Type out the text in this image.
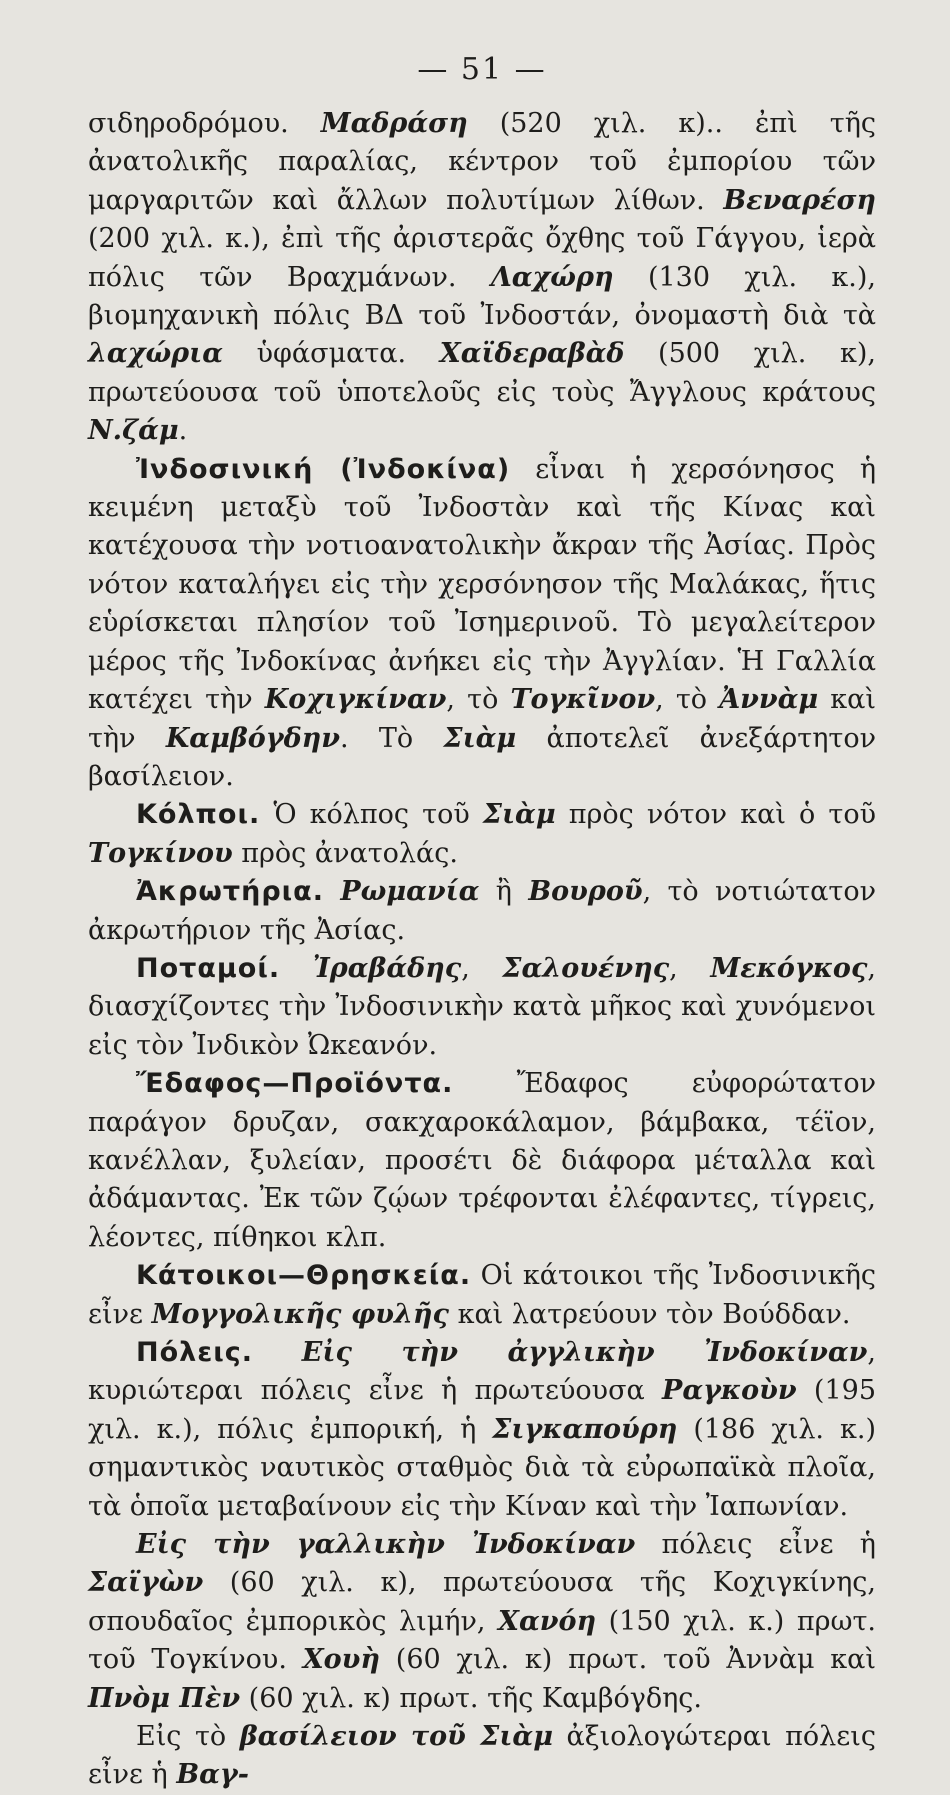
— 51 —

σιδηροδρόμου. Μαδράση (520 χιλ. κ).. ἐπὶ τῆς ἀνατολικῆς παραλίας, κέντρον τοῦ ἐμπορίου τῶν μαργαριτῶν καὶ ἄλλων πολυτίμων λίθων. Βεναρέση (200 χιλ. κ.), ἐπὶ τῆς ἀριστερᾶς ὄχθης τοῦ Γάγγου, ἱερὰ πόλις τῶν Βραχμάνων. Λαχώρη (130 χιλ. κ.), βιομηχανικὴ πόλις ΒΔ τοῦ Ἰνδοστάν, ὀνομαστὴ διὰ τὰ λαχώρια ὑφάσματα. Χαϊδεραβὰδ (500 χιλ. κ), πρωτεύουσα τοῦ ὑποτελοῦς εἰς τοὺς Ἄγγλους κράτους Ν.ζάμ.

Ἰνδοσινική (Ἰνδοκίνα) εἶναι ἡ χερσόνησος ἡ κειμένη μεταξὺ τοῦ Ἰνδοστὰν καὶ τῆς Κίνας καὶ κατέχουσα τὴν νοτιοανατολικὴν ἄκραν τῆς Ἀσίας. Πρὸς νότον καταλήγει εἰς τὴν χερσόνησον τῆς Μαλάκας, ἥτις εὑρίσκεται πλησίον τοῦ Ἰσημερινοῦ. Τὸ μεγαλείτερον μέρος τῆς Ἰνδοκίνας ἀνήκει εἰς τὴν Ἀγγλίαν. Ἡ Γαλλία κατέχει τὴν Κοχιγκίναν, τὸ Τογκῖνον, τὸ Ἀννὰμ καὶ τὴν Καμβόγδην. Τὸ Σιὰμ ἀποτελεῖ ἀνεξάρτητον βασίλειον.

Κόλποι. Ὁ κόλπος τοῦ Σιὰμ πρὸς νότον καὶ ὁ τοῦ Τογκίνου πρὸς ἀνατολάς.

Ἀκρωτήρια. Ρωμανία ἢ Βουροῦ, τὸ νοτιώτατον ἀκρωτήριον τῆς Ἀσίας.

Ποταμοί. Ἰραβάδης, Σαλουένης, Μεκόγκος, διασχίζοντες τὴν Ἰνδοσινικὴν κατὰ μῆκος καὶ χυνόμενοι εἰς τὸν Ἰνδικὸν Ὠκεανόν.

Ἔδαφος—Προϊόντα. Ἔδαφος εὐφορώτατον παράγον δρυζαν, σακχαροκάλαμον, βάμβακα, τέϊον, κανέλλαν, ξυλείαν, προσέτι δὲ διάφορα μέταλλα καὶ ἀδάμαντας. Ἐκ τῶν ζῴων τρέφονται ἐλέφαντες, τίγρεις, λέοντες, πίθηκοι κλπ.

Κάτοικοι—Θρησκεία. Οἱ κάτοικοι τῆς Ἰνδοσινικῆς εἶνε Μογγολικῆς φυλῆς καὶ λατρεύουν τὸν Βούδδαν.

Πόλεις. Εἰς τὴν ἀγγλικὴν Ἰνδοκίναν, κυριώτεραι πόλεις εἶνε ἡ πρωτεύουσα Ραγκοὺν (195 χιλ. κ.), πόλις ἐμπορική, ἡ Σιγκαπούρη (186 χιλ. κ.) σημαντικὸς ναυτικὸς σταθμὸς διὰ τὰ εὐρωπαϊκὰ πλοῖα, τὰ ὁποῖα μεταβαίνουν εἰς τὴν Κίναν καὶ τὴν Ἰαπωνίαν.

Εἰς τὴν γαλλικὴν Ἰνδοκίναν πόλεις εἶνε ἡ Σαϊγὼν (60 χιλ. κ), πρωτεύουσα τῆς Κοχιγκίνης, σπουδαῖος ἐμπορικὸς λιμήν, Χανόη (150 χιλ. κ.) πρωτ. τοῦ Τογκίνου. Χουὴ (60 χιλ. κ) πρωτ. τοῦ Ἀννὰμ καὶ Πνὸμ Πὲν (60 χιλ. κ) πρωτ. τῆς Καμβόγδης.

Εἰς τὸ βασίλειον τοῦ Σιὰμ ἀξιολογώτεραι πόλεις εἶνε ἡ Βαγ-
